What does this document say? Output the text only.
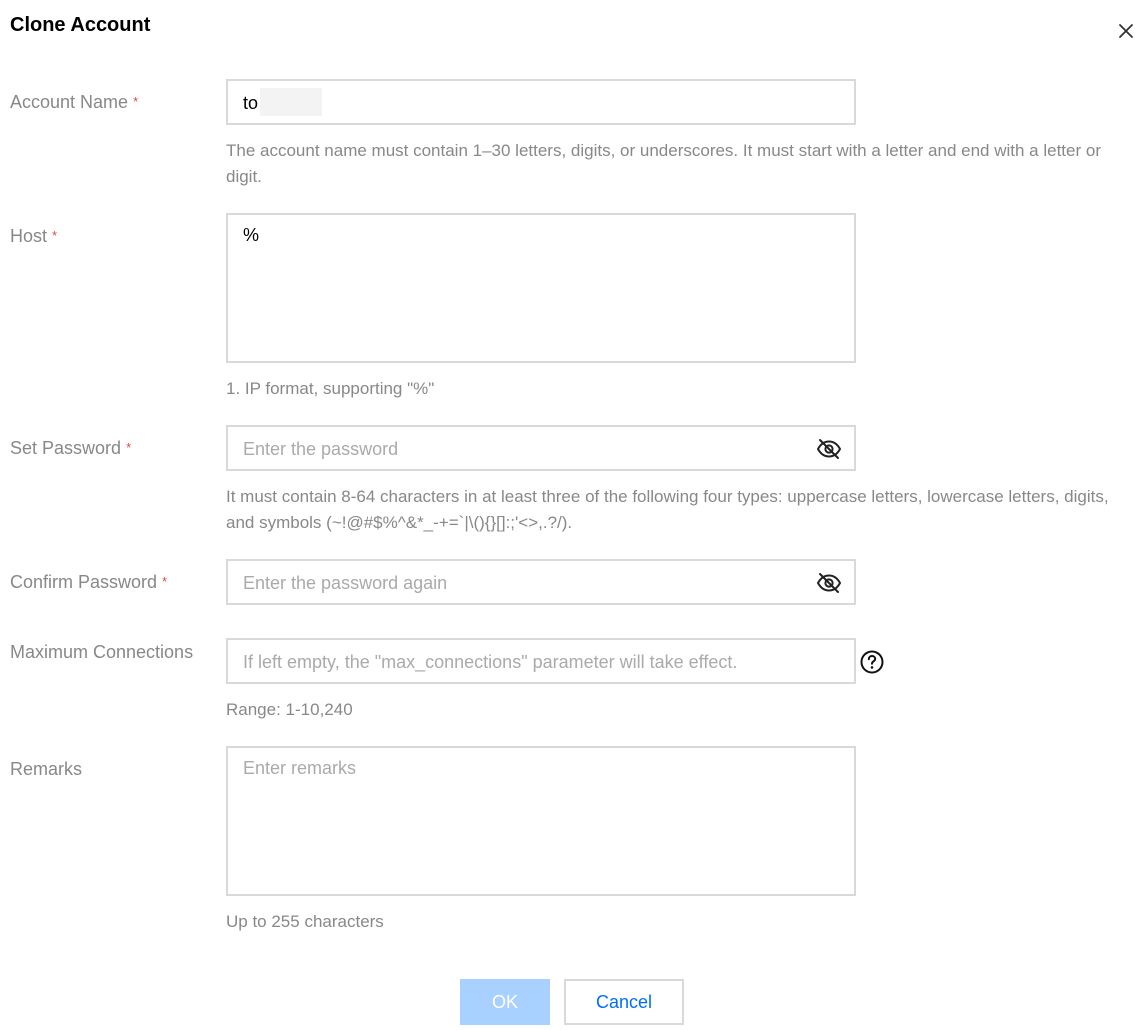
Clone Account
Account Name *	to
The account name must contain 1–30 letters, digits, or underscores. It must start with a letter and end with a letter or digit.
Host *	%
1. IP format, supporting "%"
Set Password *	Enter the password
It must contain 8-64 characters in at least three of the following four types: uppercase letters, lowercase letters, digits, and symbols (~!@#$%^&*_-+=`|\(){}[]:;'<>,.?/).
Confirm Password *	Enter the password again
Maximum Connections	If left empty, the "max_connections" parameter will take effect.
Range: 1-10,240
Remarks	Enter remarks
Up to 255 characters
OK	Cancel
